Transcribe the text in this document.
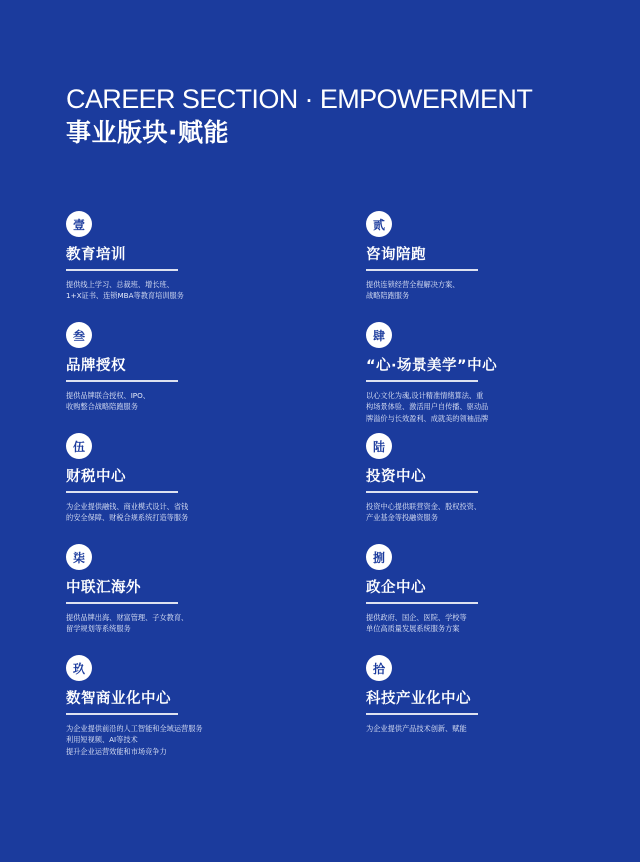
CAREER SECTION · EMPOWERMENT
事业版块·赋能
壹
教育培训
提供线上学习、总裁班、增长班、
1+X证书、连锁MBA等教育培训服务
叁
品牌授权
提供品牌联合授权、IPO、
收购整合战略陪跑服务
伍
财税中心
为企业提供融钱、商业模式设计、省钱
的安全保障、财税合规系统打造等服务
柒
中联汇海外
提供品牌出海、财富管理、子女教育、
留学规划等系统服务
玖
数智商业化中心
为企业提供前沿的人工智能和全域运营服务
利用短视频、AI等技术
提升企业运营效能和市场竞争力
贰
咨询陪跑
提供连锁经营全程解决方案、
战略陪跑服务
肆
“心·场景美学”中心
以心文化为魂,设计精准情绪算法、重
构场景体验、激活用户自传播、驱动品
牌溢价与长效盈利、成就美的领袖品牌
陆
投资中心
投资中心提供联营资金、股权投资、
产业基金等投融资服务
捌
政企中心
提供政府、国企、医院、学校等
单位高质量发展系统服务方案
拾
科技产业化中心
为企业提供产品技术创新、赋能
